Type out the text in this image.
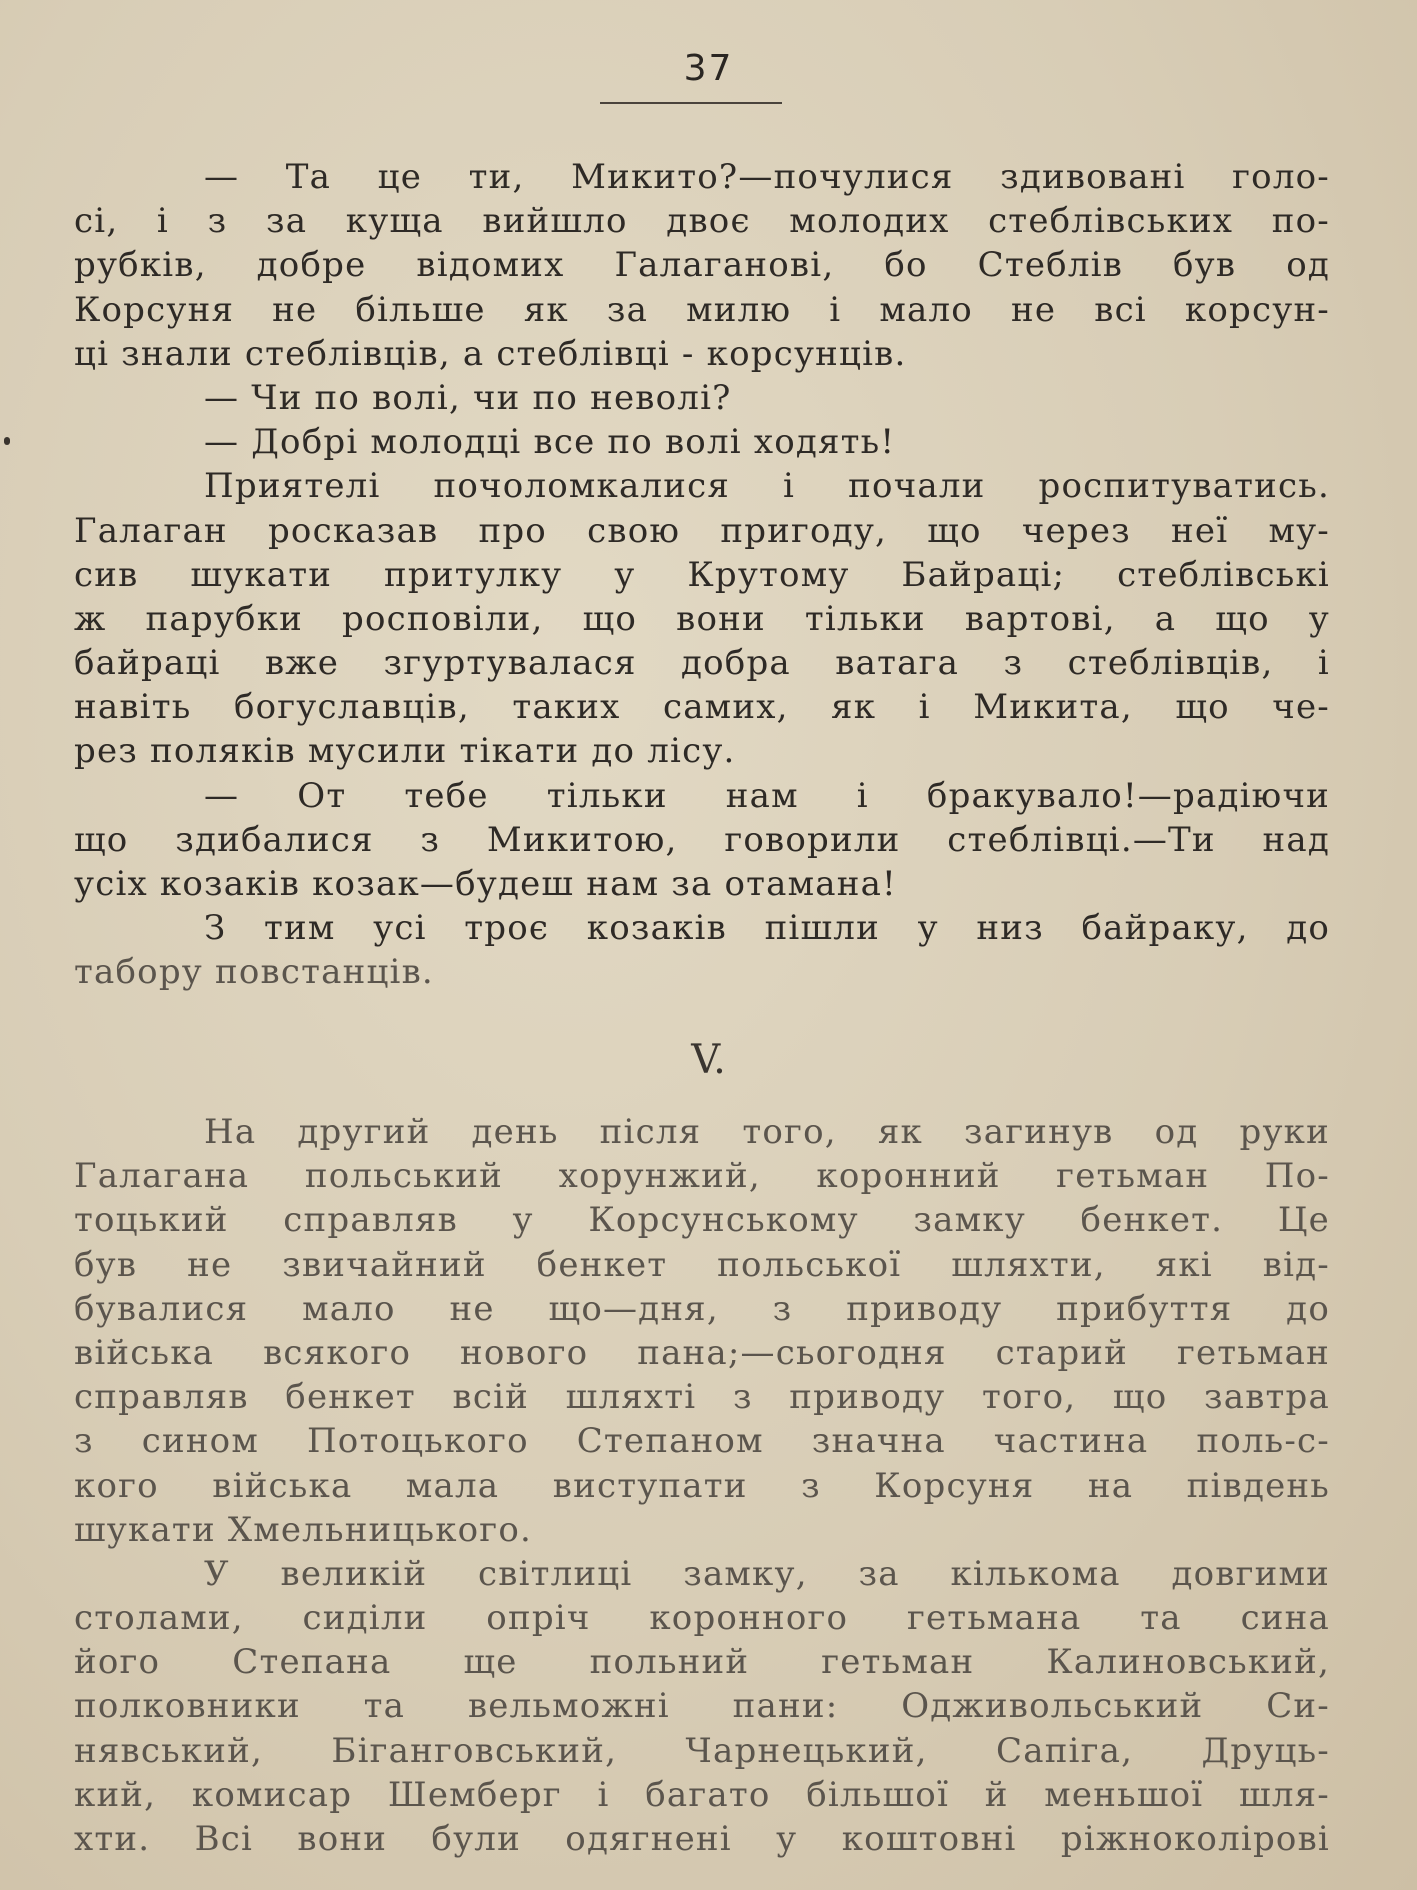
37
— Та це ти, Микито?—почулися здивовані голо-
сі, і з за куща вийшло двоє молодих стеблівських по-
рубків, добре відомих Галаганові, бо Стеблів був од
Корсуня не більше як за милю і мало не всі корсун-
ці знали стеблівців, а стеблівці - корсунців.
— Чи по волі, чи по неволі?
— Добрі молодці все по волі ходять!
Приятелі почоломкалися і почали роспитуватись.
Галаган росказав про свою пригоду, що через неї му-
сив шукати притулку у Крутому Байраці; стеблівські
ж парубки росповіли, що вони тільки вартові, а що у
байраці вже згуртувалася добра ватага з стеблівців, і
навіть богуславців, таких самих, як і Микита, що че-
рез поляків мусили тікати до лісу.
— От тебе тільки нам і бракувало!—радіючи
що здибалися з Микитою, говорили стеблівці.—Ти над
усіх козаків козак—будеш нам за отамана!
З тим усі троє козаків пішли у низ байраку, до
табору повстанців.
V.
На другий день після того, як загинув од руки
Галагана польський хорунжий, коронний гетьман По-
тоцький справляв у Корсунському замку бенкет. Це
був не звичайний бенкет польської шляхти, які від-
бувалися мало не що—дня, з приводу прибуття до
війська всякого нового пана;—сьогодня старий гетьман
справляв бенкет всій шляхті з приводу того, що завтра
з сином Потоцького Степаном значна частина поль-с-
кого війська мала виступати з Корсуня на південь
шукати Хмельницького.
У великій світлиці замку, за кількома довгими
столами, сиділи опріч коронного гетьмана та сина
його Степана ще польний гетьман Калиновський,
полковники та вельможні пани: Одживольський Си-
нявський, Біганговський, Чарнецький, Сапіга, Друць-
кий, комисар Шемберг і багато більшої й меньшої шля-
хти. Всі вони були одягнені у коштовні ріжноколірові
